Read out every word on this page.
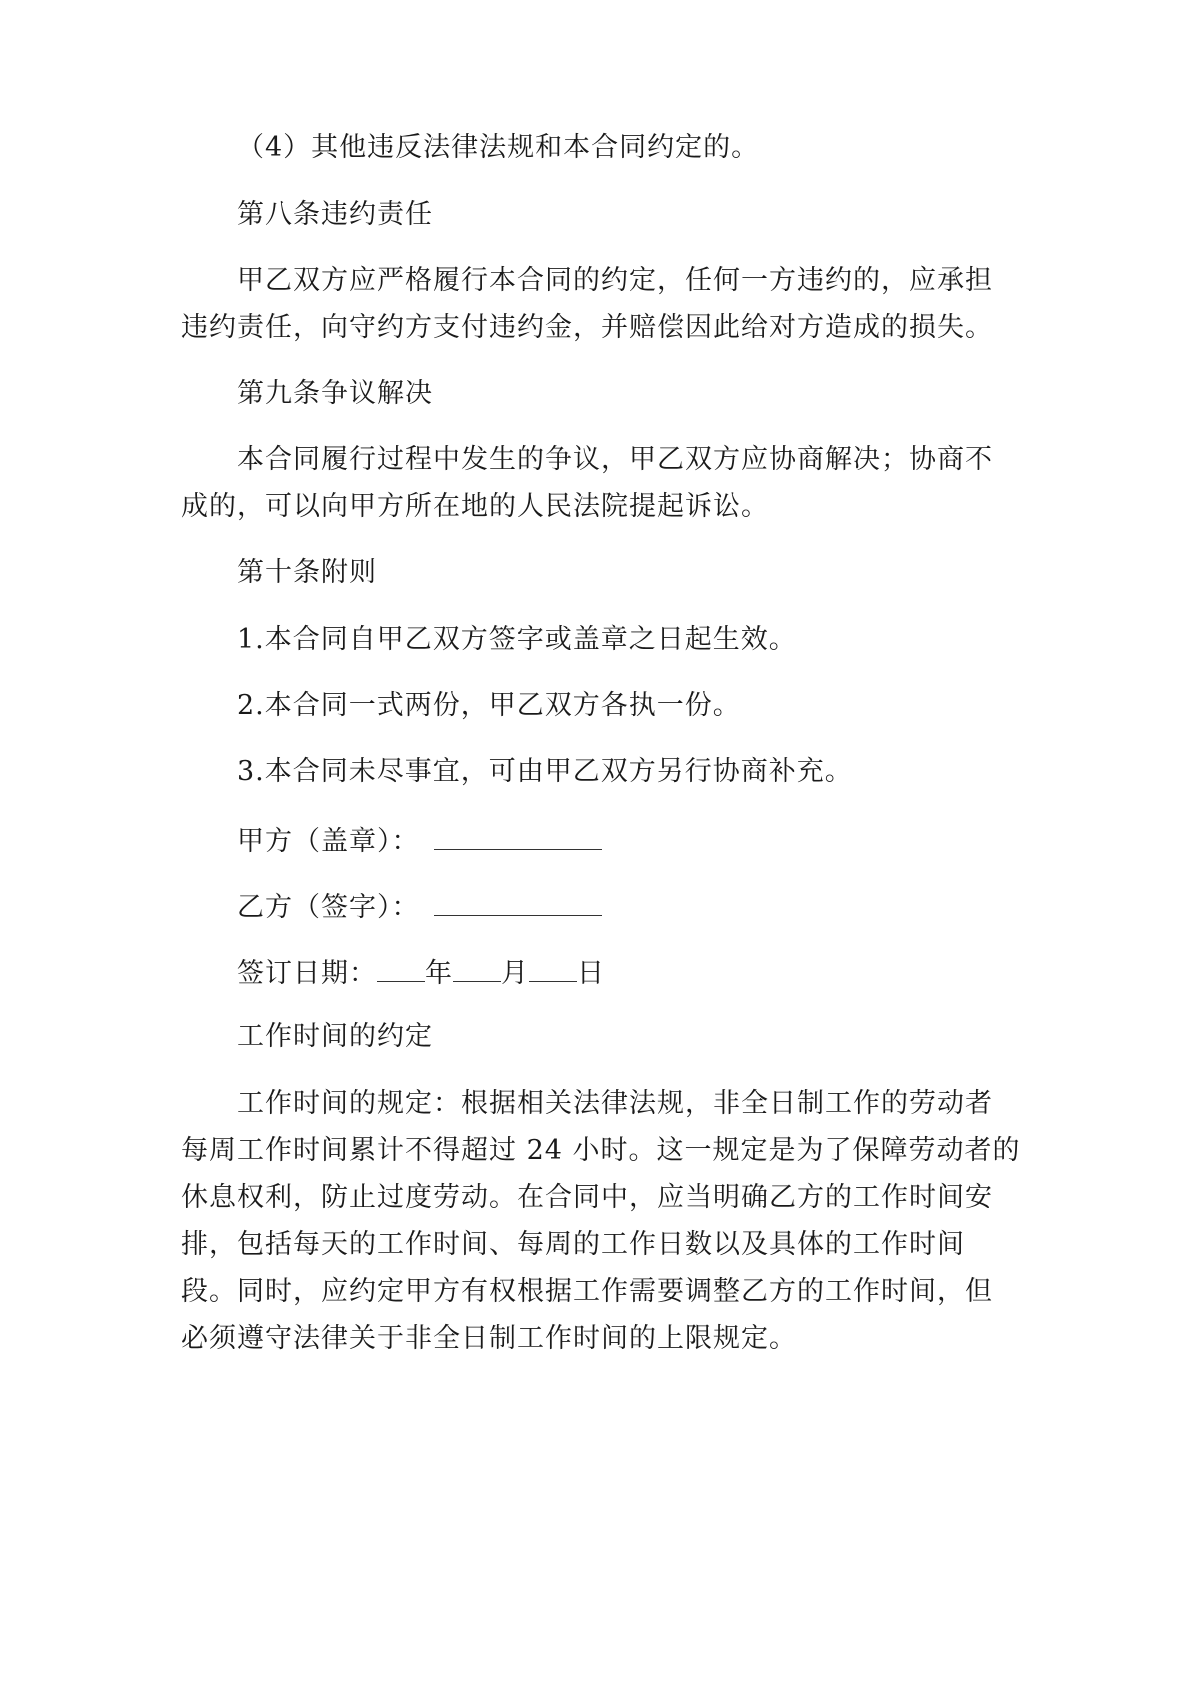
（4）其他违反法律法规和本合同约定的。
第八条违约责任
甲乙双方应严格履行本合同的约定，任何一方违约的，应承担
违约责任，向守约方支付违约金，并赔偿因此给对方造成的损失。
第九条争议解决
本合同履行过程中发生的争议，甲乙双方应协商解决；协商不
成的，可以向甲方所在地的人民法院提起诉讼。
第十条附则
1.本合同自甲乙双方签字或盖章之日起生效。
2.本合同一式两份，甲乙双方各执一份。
3.本合同未尽事宜，可由甲乙双方另行协商补充。
甲方（盖章）：
乙方（签字）：
签订日期： 年 月 日
工作时间的约定
工作时间的规定：根据相关法律法规，非全日制工作的劳动者
每周工作时间累计不得超过 24 小时。这一规定是为了保障劳动者的
休息权利，防止过度劳动。在合同中，应当明确乙方的工作时间安
排，包括每天的工作时间、每周的工作日数以及具体的工作时间
段。同时，应约定甲方有权根据工作需要调整乙方的工作时间，但
必须遵守法律关于非全日制工作时间的上限规定。
